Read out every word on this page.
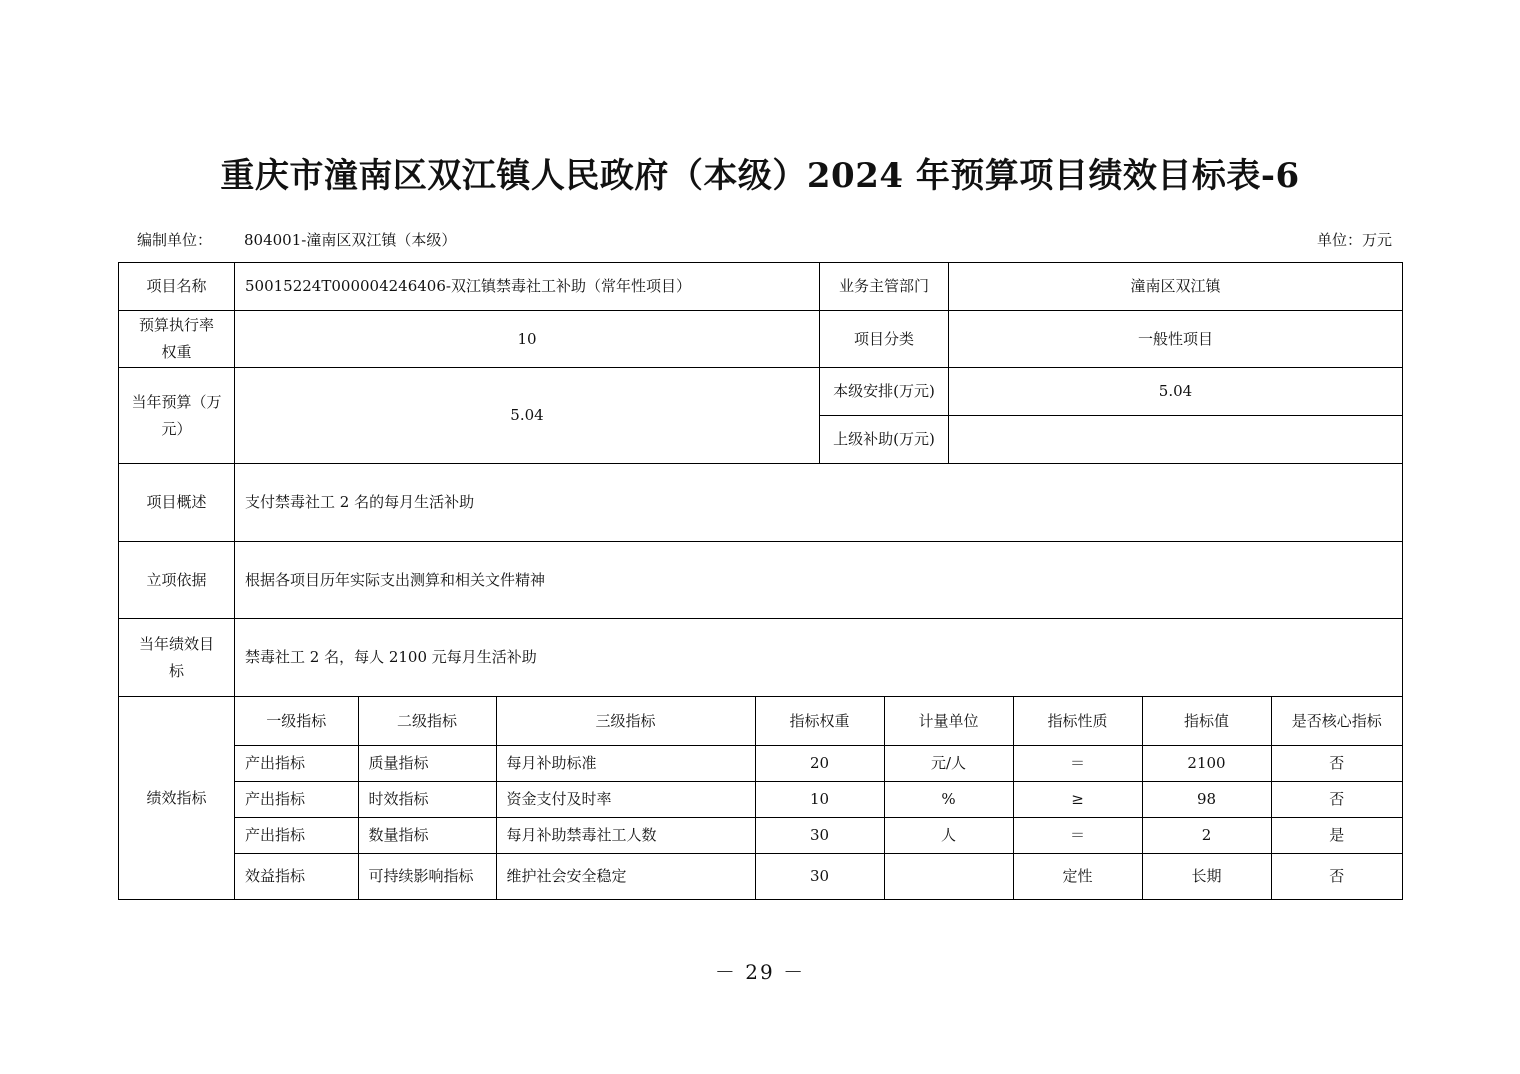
重庆市潼南区双江镇人民政府（本级）2024 年预算项目绩效目标表-6
编制单位： 804001-潼南区双江镇（本级）	单位：万元
项目名称	50015224T000004246406-双江镇禁毒社工补助（常年性项目）	业务主管部门	潼南区双江镇
预算执行率权重	10	项目分类	一般性项目
当年预算（万元）	5.04	本级安排(万元)	5.04
上级补助(万元)	
项目概述	支付禁毒社工 2 名的每月生活补助
立项依据	根据各项目历年实际支出测算和相关文件精神
当年绩效目标	禁毒社工 2 名，每人 2100 元每月生活补助
绩效指标	
一级指标	二级指标	三级指标	指标权重	计量单位	指标性质	指标值	是否核心指标
产出指标	质量指标	每月补助标准	20	元/人	＝	2100	否
产出指标	时效指标	资金支付及时率	10	%	≥	98	否
产出指标	数量指标	每月补助禁毒社工人数	30	人	＝	2	是
效益指标	可持续影响指标	维护社会安全稳定	30		定性	长期	否
－ 29 －
